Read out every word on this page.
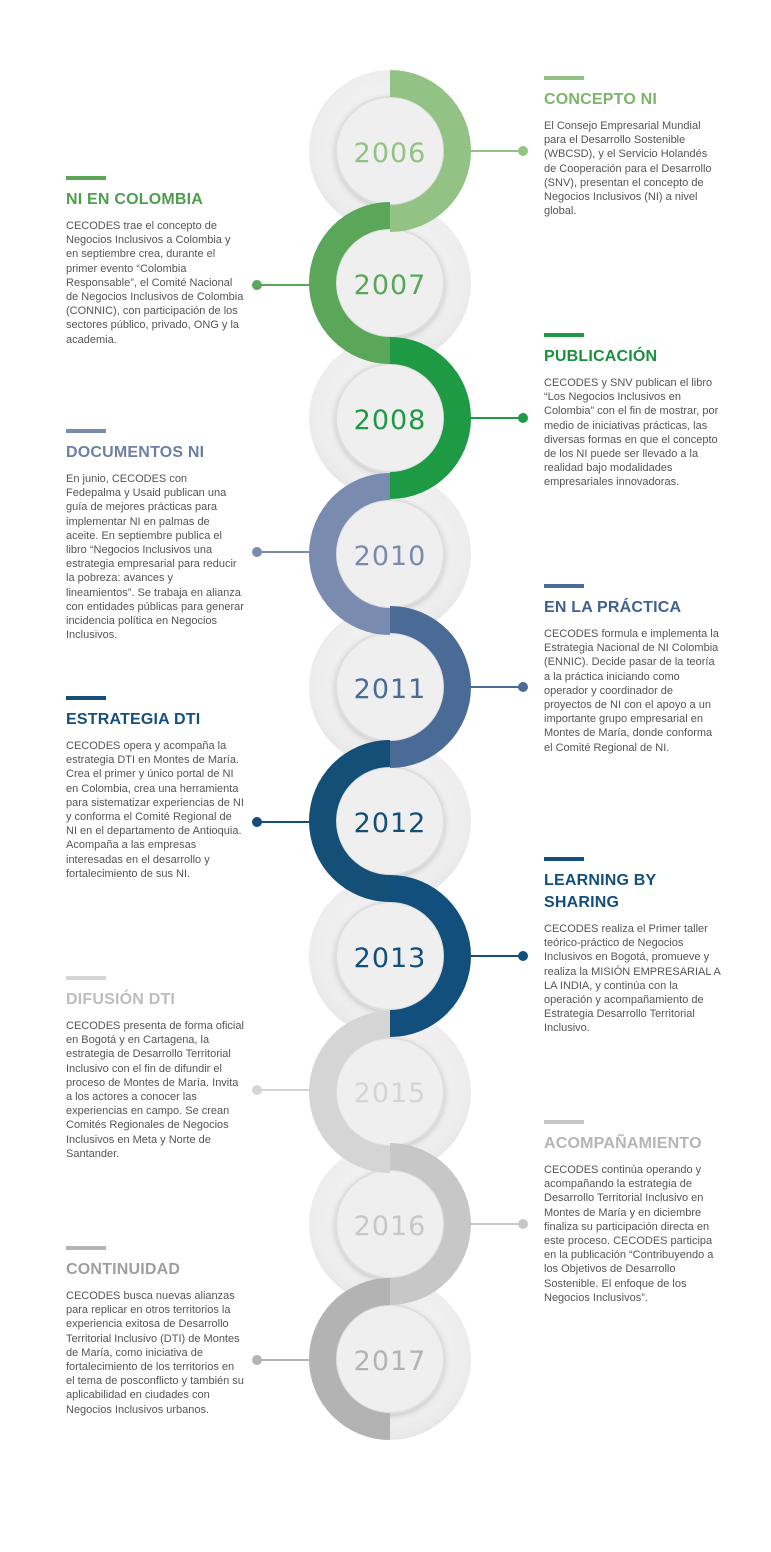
2006
2007
2008
2010
2011
2012
2013
2015
2016
2017
CONCEPTO NI

El Consejo Empresarial Mundial para el Desarrollo Sostenible (WBCSD), y el Servicio Holandés de Cooperación para el Desarrollo (SNV), presentan el concepto de Negocios Inclusivos (NI) a nivel global.

NI EN COLOMBIA

CECODES trae el concepto de Negocios Inclusivos a Colombia y en septiembre crea, durante el primer evento “Colombia Responsable”, el Comité Nacional de Negocios Inclusivos de Colombia (CONNIC), con participación de los sectores público, privado, ONG y la academia.

PUBLICACIÓN

CECODES y SNV publican el libro “Los Negocios Inclusivos en Colombia” con el fin de mostrar, por medio de iniciativas prácticas, las diversas formas en que el concepto de los NI puede ser llevado a la realidad bajo modalidades empresariales innovadoras.

DOCUMENTOS NI

En junio, CECODES con Fedepalma y Usaid publican una guía de mejores prácticas para implementar NI en palmas de aceite. En septiembre publica el libro “Negocios Inclusivos una estrategia empresarial para reducir la pobreza: avances y lineamientos”. Se trabaja en alianza con entidades públicas para generar incidencia política en Negocios Inclusivos.

EN LA PRÁCTICA

CECODES formula e implementa la Estrategia Nacional de NI Colombia (ENNIC). Decide pasar de la teoría a la práctica iniciando como operador y coordinador de proyectos de NI con el apoyo a un importante grupo empresarial en Montes de María, donde conforma el Comité Regional de NI.

ESTRATEGIA DTI

CECODES opera y acompaña la estrategia DTI en Montes de María. Crea el primer y único portal de NI en Colombia, crea una herramienta para sistematizar experiencias de NI y conforma el Comité Regional de NI en el departamento de Antioquia. Acompaña a las empresas interesadas en el desarrollo y fortalecimiento de sus NI.	LEARNING BY SHARING

CECODES realiza el Primer taller teórico-práctico de Negocios Inclusivos en Bogotá, promueve y realiza la MISIÓN EMPRESARIAL A LA INDIA, y continúa con la operación y acompañamiento de Estrategia Desarrollo Territorial Inclusivo.

DIFUSIÓN DTI

CECODES presenta de forma oficial en Bogotá y en Cartagena, la estrategia de Desarrollo Territorial Inclusivo con el fin de difundir el proceso de Montes de María. Invita a los actores a conocer las experiencias en campo. Se crean Comités Regionales de Negocios Inclusivos en Meta y Norte de Santander.

ACOMPAÑAMIENTO

CECODES continúa operando y acompañando la estrategia de Desarrollo Territorial Inclusivo en Montes de María y en diciembre finaliza su participación directa en este proceso. CECODES participa en la publicación “Contribuyendo a los Objetivos de Desarrollo Sostenible. El enfoque de los Negocios Inclusivos”.

CONTINUIDAD

CECODES busca nuevas alianzas para replicar en otros territorios la experiencia exitosa de Desarrollo Territorial Inclusivo (DTI) de Montes de María, como iniciativa de fortalecimiento de los territorios en el tema de posconflicto y también su aplicabilidad en ciudades con Negocios Inclusivos urbanos.
